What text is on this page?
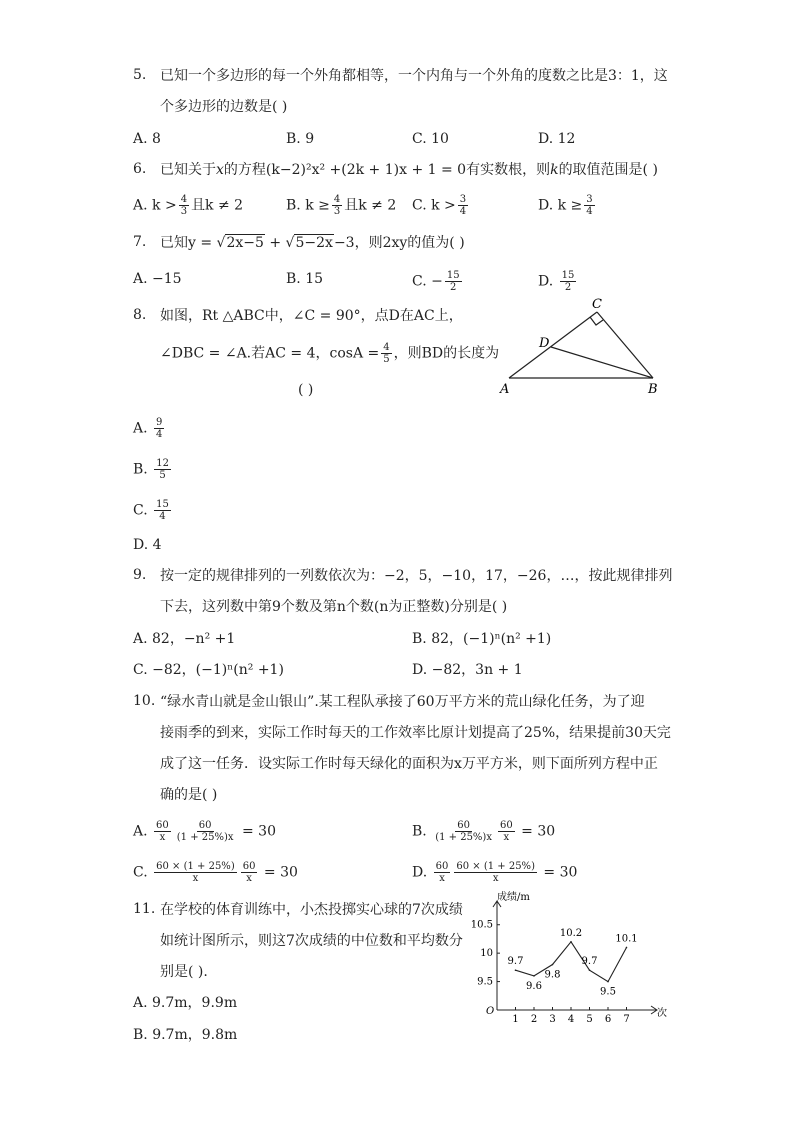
5. 已知一个多边形的每一个外角都相等，一个内角与一个外角的度数之比是3：1，这
个多边形的边数是( )
A. 8	B. 9	C. 10	D. 12
6. 已知关于x的方程(k−2)²x² +(2k + 1)x + 1 = 0有实数根，则k的取值范围是( )
A. $k > \frac{4}{3}$ 且k ≠ 2	B. $k \ge \frac{4}{3}$ 且k ≠ 2 C. $k > \frac{3}{4}$	D. $k \ge \frac{3}{4}$
7. 已知y = √2x−5 + √5−2x−3，则2xy的值为( )
A. −15	B. 15	C. − $\frac{15}{2}$	D. $\frac{15}{2}$
8. 如图，Rt △ABC中，∠C = 90°，点D在AC上，
∠DBC = ∠A.若AC = 4，$\cos A = \frac{4}{5}$ ，则BD的长度为
( )
C
D
A	B
A. $\frac{9}{4}$
B. $\frac{12}{5}$
C. $\frac{15}{4}$
D. 4
9. 按一定的规律排列的一列数依次为：−2，5，−10，17，−26，…，按此规律排列
下去，这列数中第9个数及第n个数(n为正整数)分别是( )
A. 82，−n² +1	B. 82，(−1)ⁿ(n² +1)
C. −82，(−1)ⁿ(n² +1)	D. −82，3n + 1
10. “绿水青山就是金山银山”.某工程队承接了60万平方米的荒山绿化任务，为了迎
接雨季的到来，实际工作时每天的工作效率比原计划提高了25%，结果提前30天完
成了这一任务．设实际工作时每天绿化的面积为x万平方米，则下面所列方程中正
确的是( )
A. $\frac{60}{x} \frac{60}{(1 + 25\%)x} = 30$	B. $\frac{60}{(1 + 25\%)x} \frac{60}{x} = 30$
C. $\frac{60 \times (1 + 25\%)}{x} \frac{60}{x} = 30$	D. $\frac{60}{x} \frac{60 \times (1 + 25\%)}{x} = 30$
11. 在学校的体育训练中，小杰投掷实心球的7次成绩
如统计图所示，则这7次成绩的中位数和平均数分
别是( ).
A. 9.7m，9.9m
B. 9.7m，9.8m
成绩/m
次
O
9.5
10
10.5
1 2 3 4 5 6 7
9.7
9.6
9.8
10.2
9.7
9.5
10.1
